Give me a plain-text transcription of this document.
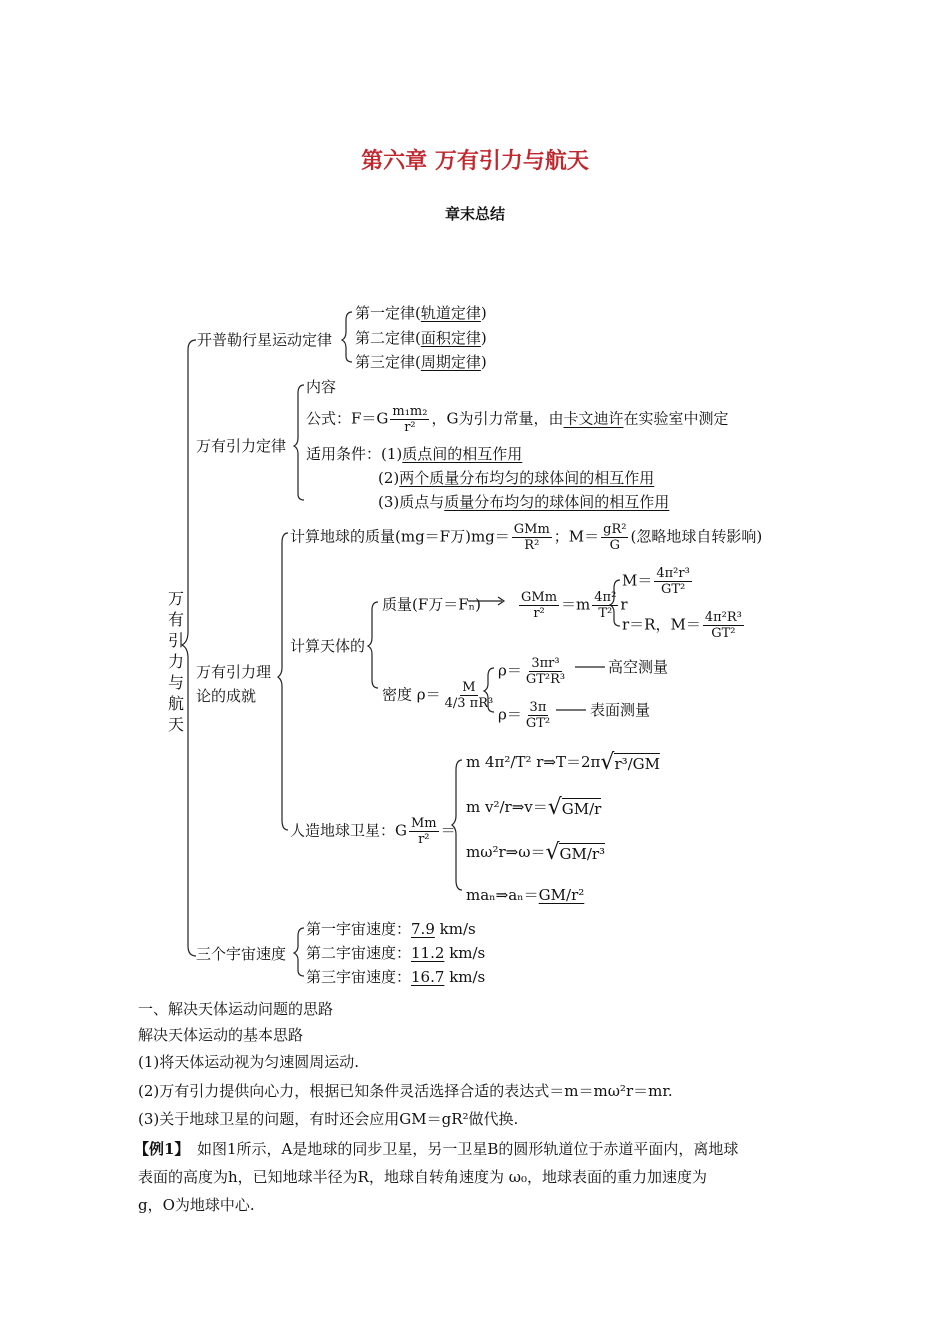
第六章 万有引力与航天
章末总结
万有引力与航天
开普勒行星运动定律
第一定律(轨道定律)
第二定律(面积定律)
第三定律(周期定律)
万有引力定律
内容
公式：$F=G \frac{\text{m₁m₂}}{\text{r²}}$ ，G为引力常量，由卡文迪许在实验室中测定
适用条件：(1)质点间的相互作用
(2)两个质量分布均匀的球体间的相互作用
(3)质点与质量分布均匀的球体间的相互作用
万有引力理
论的成就
计算地球的质量(mg＝F万)$mg= \frac{\text{GMm}}{\text{R²}}$ ；$M= \frac{\text{gR²}}{G}$ (忽略地球自转影响)
计算天体的
质量(F万＝Fₙ)	$\frac{\text{GMm}}{\text{r²}} =m \frac{\text{4π²}}{\text{T²}}$ r
$M= \frac{\text{4π²r³}}{\text{GT²}}$
r＝R，$M= \frac{\text{4π²R³}}{\text{GT²}}$
密度 $\rho= \frac{M}{\text{4/3 πR³}}$
$\rho= \frac{\text{3πr³}}{\text{GT²R³}}$	高空测量
$\rho= \frac{3\pi}{\text{GT²}}$	表面测量
人造地球卫星：G $\frac{Mm}{\text{r²}}$ ＝
m 4π²/T² r⇒T＝2π √ r³/GM
m v²/r⇒v＝ √ GM/r
mω²r⇒ω＝ √ GM/r³
maₙ⇒aₙ＝GM/r²
三个宇宙速度
第一宇宙速度：7.9 km/s
第二宇宙速度：11.2 km/s
第三宇宙速度：16.7 km/s
一、解决天体运动问题的思路
解决天体运动的基本思路
(1)将天体运动视为匀速圆周运动.
(2)万有引力提供向心力，根据已知条件灵活选择合适的表达式＝m＝mω²r＝mr.
(3)关于地球卫星的问题，有时还会应用GM＝gR²做代换.
【例1】　如图1所示，A是地球的同步卫星，另一卫星B的圆形轨道位于赤道平面内，离地球
表面的高度为h，已知地球半径为R，地球自转角速度为 ω₀，地球表面的重力加速度为
g，O为地球中心.
